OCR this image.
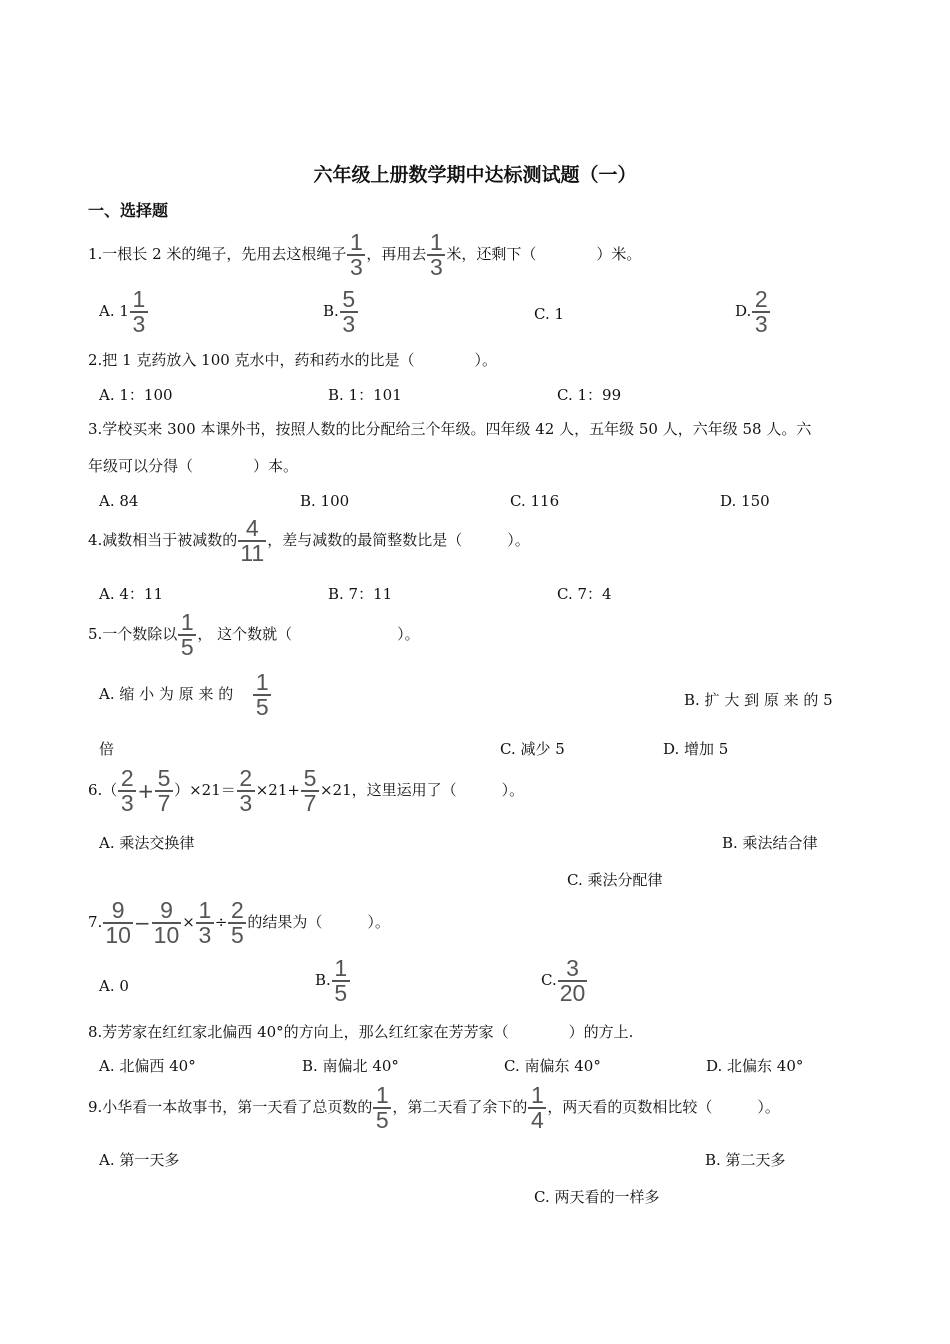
六年级上册数学期中达标测试题（一）
一、选择题
1.一根长 2 米的绳子，先用去这根绳子 $\frac{1}{3}$ ，再用去 $\frac{1}{3}$ 米，还剩下（　　　　）米。
A. $1 \frac{1}{3}$	B. $\frac{5}{3}$	C. 1	D. $\frac{2}{3}$
2.把 1 克药放入 100 克水中，药和药水的比是（　　　　）。
A. 1：100	B. 1：101	C. 1：99
3.学校买来 300 本课外书，按照人数的比分配给三个年级。四年级 42 人，五年级 50 人，六年级 58 人。六
年级可以分得（　　　　）本。
A. 84	B. 100	C. 116	D. 150
4.减数相当于被减数的 $\frac{4}{11}$ ，差与减数的最简整数比是（　　　）。
A. 4：11	B. 7：11	C. 7：4
5.一个数除以 $\frac{1}{5}$ ， 这个数就（　　　　　　　）。
A. 缩 小 为 原 来 的 $\frac{1}{5}$	B. 扩 大 到 原 来 的 5
倍	C. 减少 5	D. 增加 5
$6.( \frac{2}{3} + \frac{5}{7} )\times 21= \frac{2}{3} \times 21+ \frac{5}{7} \times 21$，这里运用了（　　　）。
A. 乘法交换律	B. 乘法结合律
C. 乘法分配律
7. $\frac{9}{10} - \frac{9}{10} \times \frac{1}{3} \div \frac{2}{5}$ 的结果为（　　　）。
A. 0	B. $\frac{1}{5}$	C. $\frac{3}{20}$
8.芳芳家在红红家北偏西 40°的方向上，那么红红家在芳芳家（　　　　）的方上.
A. 北偏西 40°	B. 南偏北 40°	C. 南偏东 40°	D. 北偏东 40°
9.小华看一本故事书，第一天看了总页数的 $\frac{1}{5}$ ，第二天看了余下的 $\frac{1}{4}$ ，两天看的页数相比较（　　　）。
A. 第一天多	B. 第二天多
C. 两天看的一样多
